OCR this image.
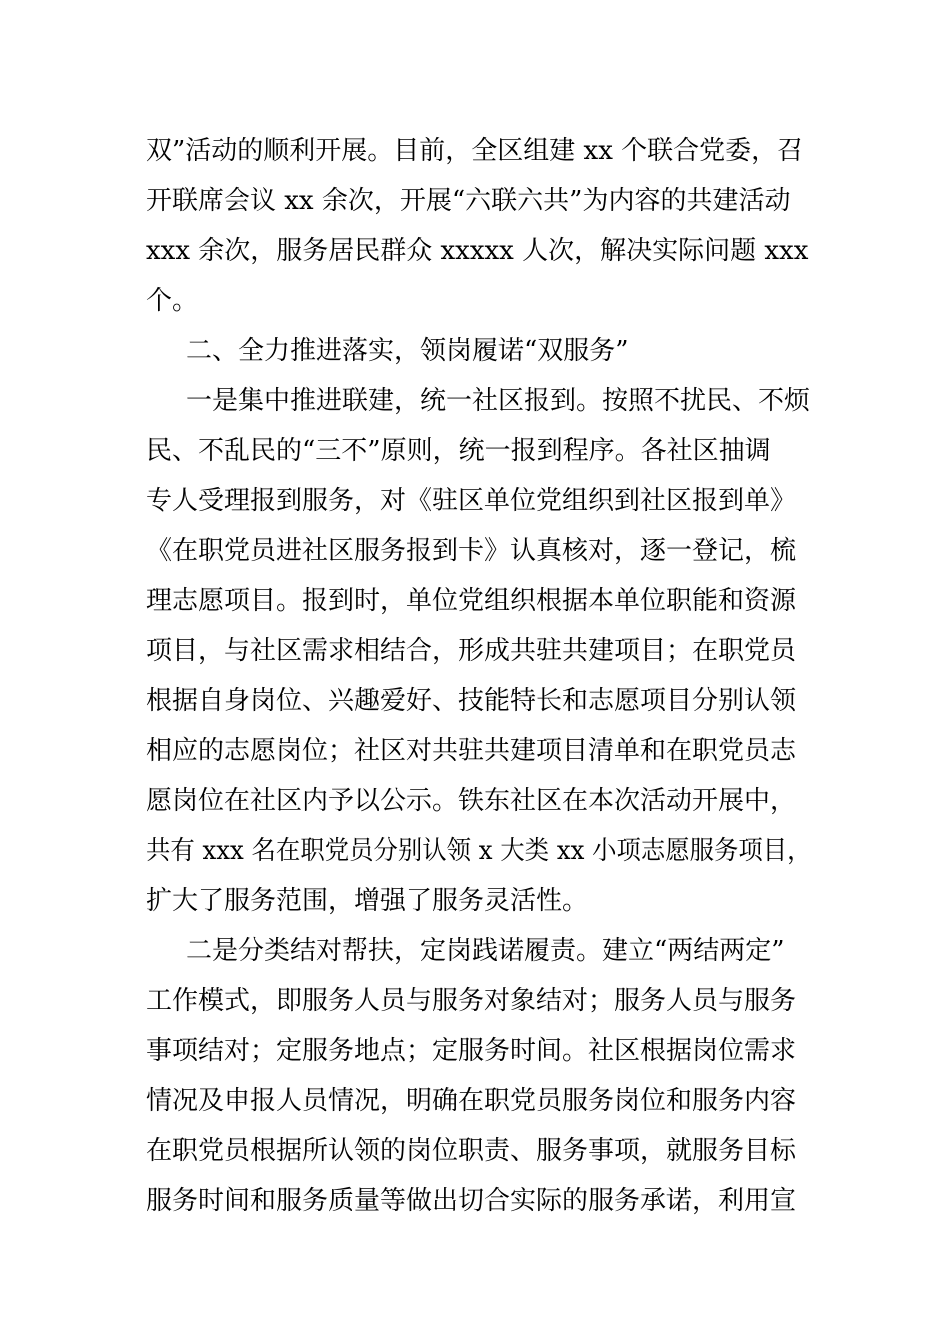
双”活动的顺利开展。目前，全区组建 xx 个联合党委，召
开联席会议 xx 余次，开展“六联六共”为内容的共建活动
xxx 余次，服务居民群众 xxxxx 人次，解决实际问题 xxx
个。
二、全力推进落实，领岗履诺“双服务”
一是集中推进联建，统一社区报到。按照不扰民、不烦
民、不乱民的“三不”原则，统一报到程序。各社区抽调
专人受理报到服务，对《驻区单位党组织到社区报到单》
《在职党员进社区服务报到卡》认真核对，逐一登记，梳
理志愿项目。报到时，单位党组织根据本单位职能和资源
项目，与社区需求相结合，形成共驻共建项目；在职党员
根据自身岗位、兴趣爱好、技能特长和志愿项目分别认领
相应的志愿岗位；社区对共驻共建项目清单和在职党员志
愿岗位在社区内予以公示。铁东社区在本次活动开展中，
共有 xxx 名在职党员分别认领 x 大类 xx 小项志愿服务项目，
扩大了服务范围，增强了服务灵活性。
二是分类结对帮扶，定岗践诺履责。建立“两结两定”
工作模式，即服务人员与服务对象结对；服务人员与服务
事项结对；定服务地点；定服务时间。社区根据岗位需求
情况及申报人员情况，明确在职党员服务岗位和服务内容
在职党员根据所认领的岗位职责、服务事项，就服务目标
服务时间和服务质量等做出切合实际的服务承诺，利用宣
